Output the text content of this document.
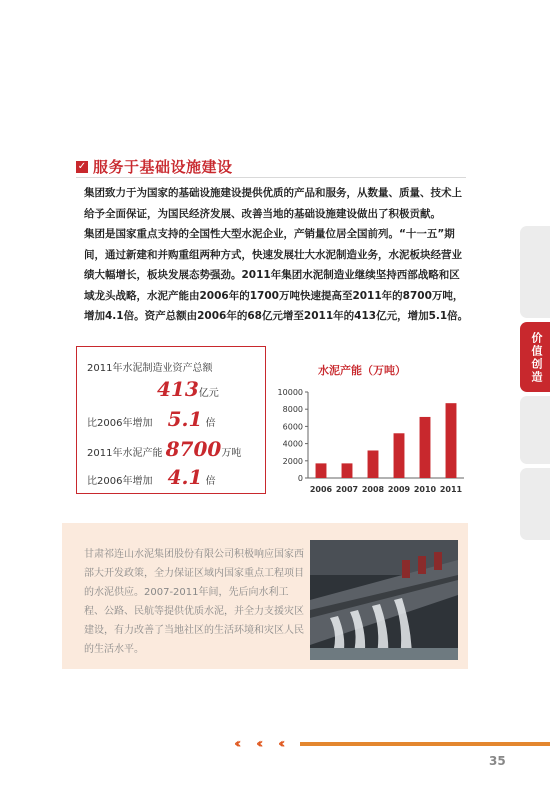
✓ 服务于基础设施建设
集团致力于为国家的基础设施建设提供优质的产品和服务，从数量、质量、技术上给予全面保证，为国民经济发展、改善当地的基础设施建设做出了积极贡献。
集团是国家重点支持的全国性大型水泥企业，产销量位居全国前列。“十一五”期间，通过新建和并购重组两种方式，快速发展壮大水泥制造业务，水泥板块经营业绩大幅增长，板块发展态势强劲。2011年集团水泥制造业继续坚持西部战略和区域龙头战略，水泥产能由2006年的1700万吨快速提高至2011年的8700万吨，增加4.1倍。资产总额由2006年的68亿元增至2011年的413亿元，增加5.1倍。
价值创造
2011年水泥制造业资产总额
413亿元
比2006年增加 5.1 倍
2011年水泥产能 8700万吨
比2006年增加 4.1 倍
水泥产能（万吨）
0
2000
4000
6000
8000
10000
2006 2007 2008 2009 2010 2011
甘肃祁连山水泥集团股份有限公司积极响应国家西部大开发政策，全力保证区域内国家重点工程项目的水泥供应。2007-2011年间，先后向水利工程、公路、民航等提供优质水泥，并全力支援灾区建设，有力改善了当地社区的生活环境和灾区人民的生活水平。
‹‹ ‹‹ ‹‹
35
